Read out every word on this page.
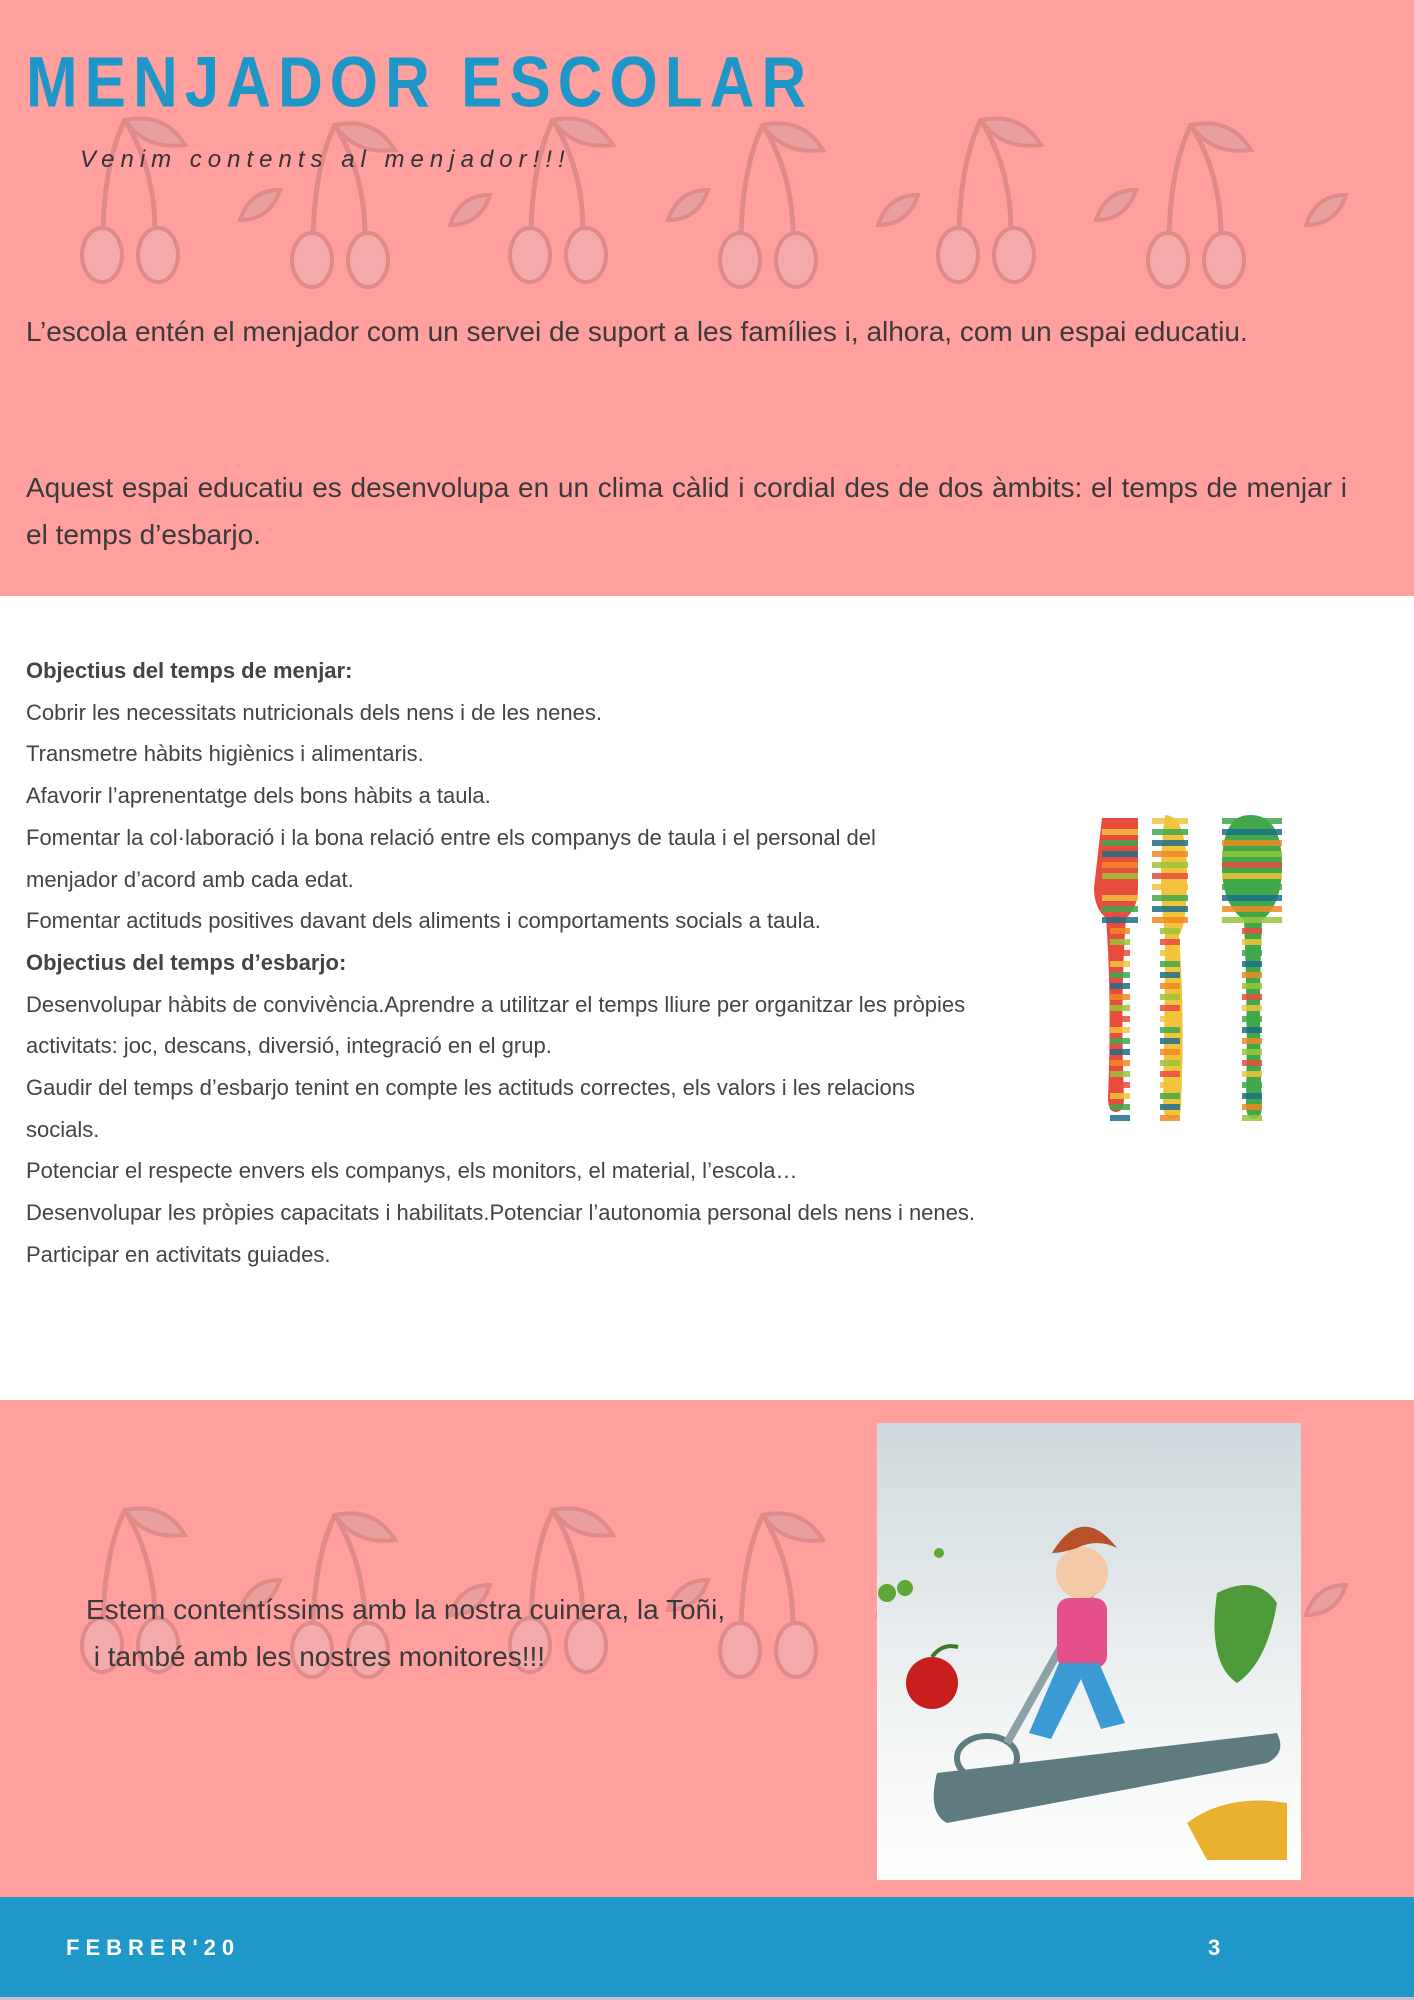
MENJADOR ESCOLAR
Venim contents al menjador!!!
L’escola entén el menjador com un servei de suport a les famílies i, alhora, com un espai educatiu.
Aquest espai educatiu es desenvolupa en un clima càlid i cordial des de dos àmbits: el temps de menjar i el temps d’esbarjo.
Objectius del temps de menjar:
Cobrir les necessitats nutricionals dels nens i de les nenes.
Transmetre hàbits higiènics i alimentaris.
Afavorir l’aprenentatge dels bons hàbits a taula.
Fomentar la col·laboració i la bona relació entre els companys de taula i el personal del menjador d’acord amb cada edat.
Fomentar actituds positives davant dels aliments i comportaments socials a taula.
Objectius del temps d’esbarjo:
Desenvolupar hàbits de convivència.Aprendre a utilitzar el temps lliure per organitzar les pròpies activitats: joc, descans, diversió, integració en el grup.
Gaudir del temps d’esbarjo tenint en compte les actituds correctes, els valors i les relacions socials.
Potenciar el respecte envers els companys, els monitors, el material, l’escola…
Desenvolupar les pròpies capacitats i habilitats.Potenciar l’autonomia personal dels nens i nenes.
Participar en activitats guiades.
Estem contentíssims amb la nostra cuinera, la Toñi,
i també amb les nostres monitores!!!
FEBRER'20	3
